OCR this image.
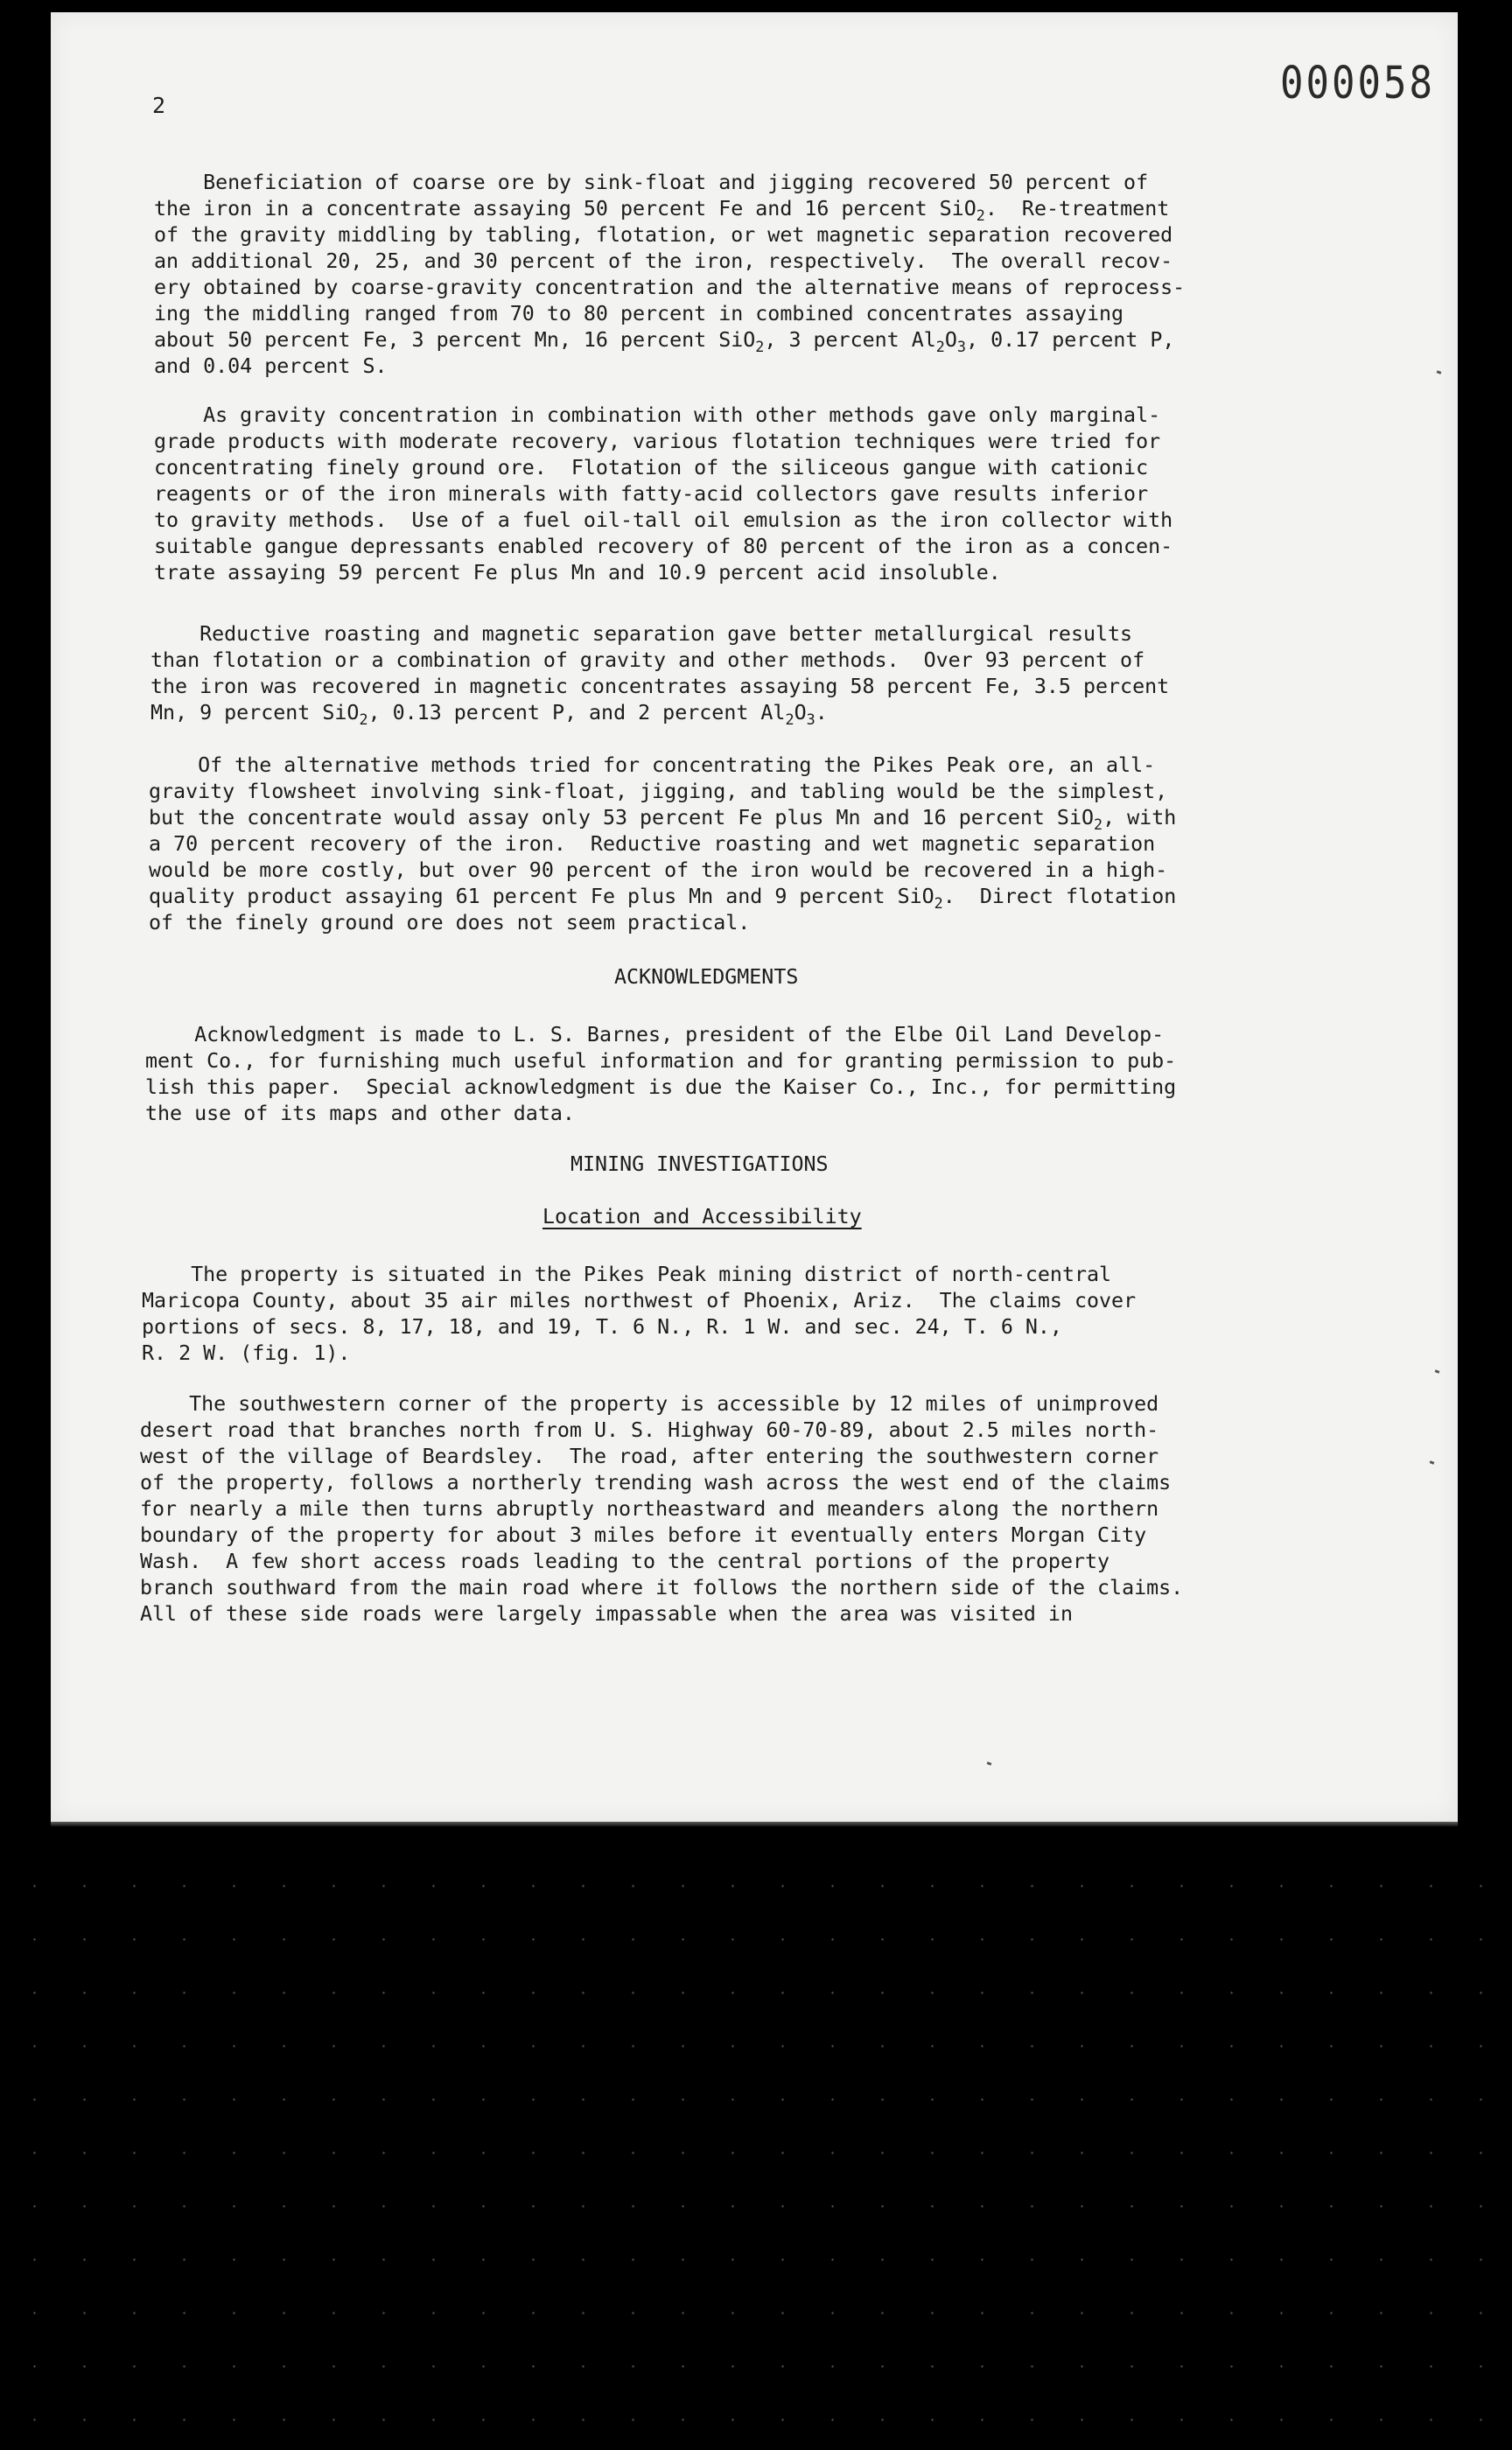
2	000058
Beneficiation of coarse ore by sink-float and jigging recovered 50 percent of
the iron in a concentrate assaying 50 percent Fe and 16 percent SiO$_2$.  Re-treatment
of the gravity middling by tabling, flotation, or wet magnetic separation recovered
an additional 20, 25, and 30 percent of the iron, respectively.  The overall recov-
ery obtained by coarse-gravity concentration and the alternative means of reprocess-
ing the middling ranged from 70 to 80 percent in combined concentrates assaying
about 50 percent Fe, 3 percent Mn, 16 percent SiO$_2$, 3 percent $Al_2O_3$, 0.17 percent P,
and 0.04 percent S.
As gravity concentration in combination with other methods gave only marginal-
grade products with moderate recovery, various flotation techniques were tried for
concentrating finely ground ore.  Flotation of the siliceous gangue with cationic
reagents or of the iron minerals with fatty-acid collectors gave results inferior
to gravity methods.  Use of a fuel oil-tall oil emulsion as the iron collector with
suitable gangue depressants enabled recovery of 80 percent of the iron as a concen-
trate assaying 59 percent Fe plus Mn and 10.9 percent acid insoluble.
Reductive roasting and magnetic separation gave better metallurgical results
than flotation or a combination of gravity and other methods.  Over 93 percent of
the iron was recovered in magnetic concentrates assaying 58 percent Fe, 3.5 percent
Mn, 9 percent SiO$_2$, 0.13 percent P, and 2 percent $Al_2O_3$.
Of the alternative methods tried for concentrating the Pikes Peak ore, an all-
gravity flowsheet involving sink-float, jigging, and tabling would be the simplest,
but the concentrate would assay only 53 percent Fe plus Mn and 16 percent SiO$_2$, with
a 70 percent recovery of the iron.  Reductive roasting and wet magnetic separation
would be more costly, but over 90 percent of the iron would be recovered in a high-
quality product assaying 61 percent Fe plus Mn and 9 percent SiO$_2$.  Direct flotation
of the finely ground ore does not seem practical.
ACKNOWLEDGMENTS
Acknowledgment is made to L. S. Barnes, president of the Elbe Oil Land Develop-
ment Co., for furnishing much useful information and for granting permission to pub-
lish this paper.  Special acknowledgment is due the Kaiser Co., Inc., for permitting
the use of its maps and other data.
MINING INVESTIGATIONS
Location and Accessibility
The property is situated in the Pikes Peak mining district of north-central
Maricopa County, about 35 air miles northwest of Phoenix, Ariz.  The claims cover
portions of secs. 8, 17, 18, and 19, T. 6 N., R. 1 W. and sec. 24, T. 6 N.,
R. 2 W. (fig. 1).
The southwestern corner of the property is accessible by 12 miles of unimproved
desert road that branches north from U. S. Highway 60-70-89, about 2.5 miles north-
west of the village of Beardsley.  The road, after entering the southwestern corner
of the property, follows a northerly trending wash across the west end of the claims
for nearly a mile then turns abruptly northeastward and meanders along the northern
boundary of the property for about 3 miles before it eventually enters Morgan City
Wash.  A few short access roads leading to the central portions of the property
branch southward from the main road where it follows the northern side of the claims.
All of these side roads were largely impassable when the area was visited in
